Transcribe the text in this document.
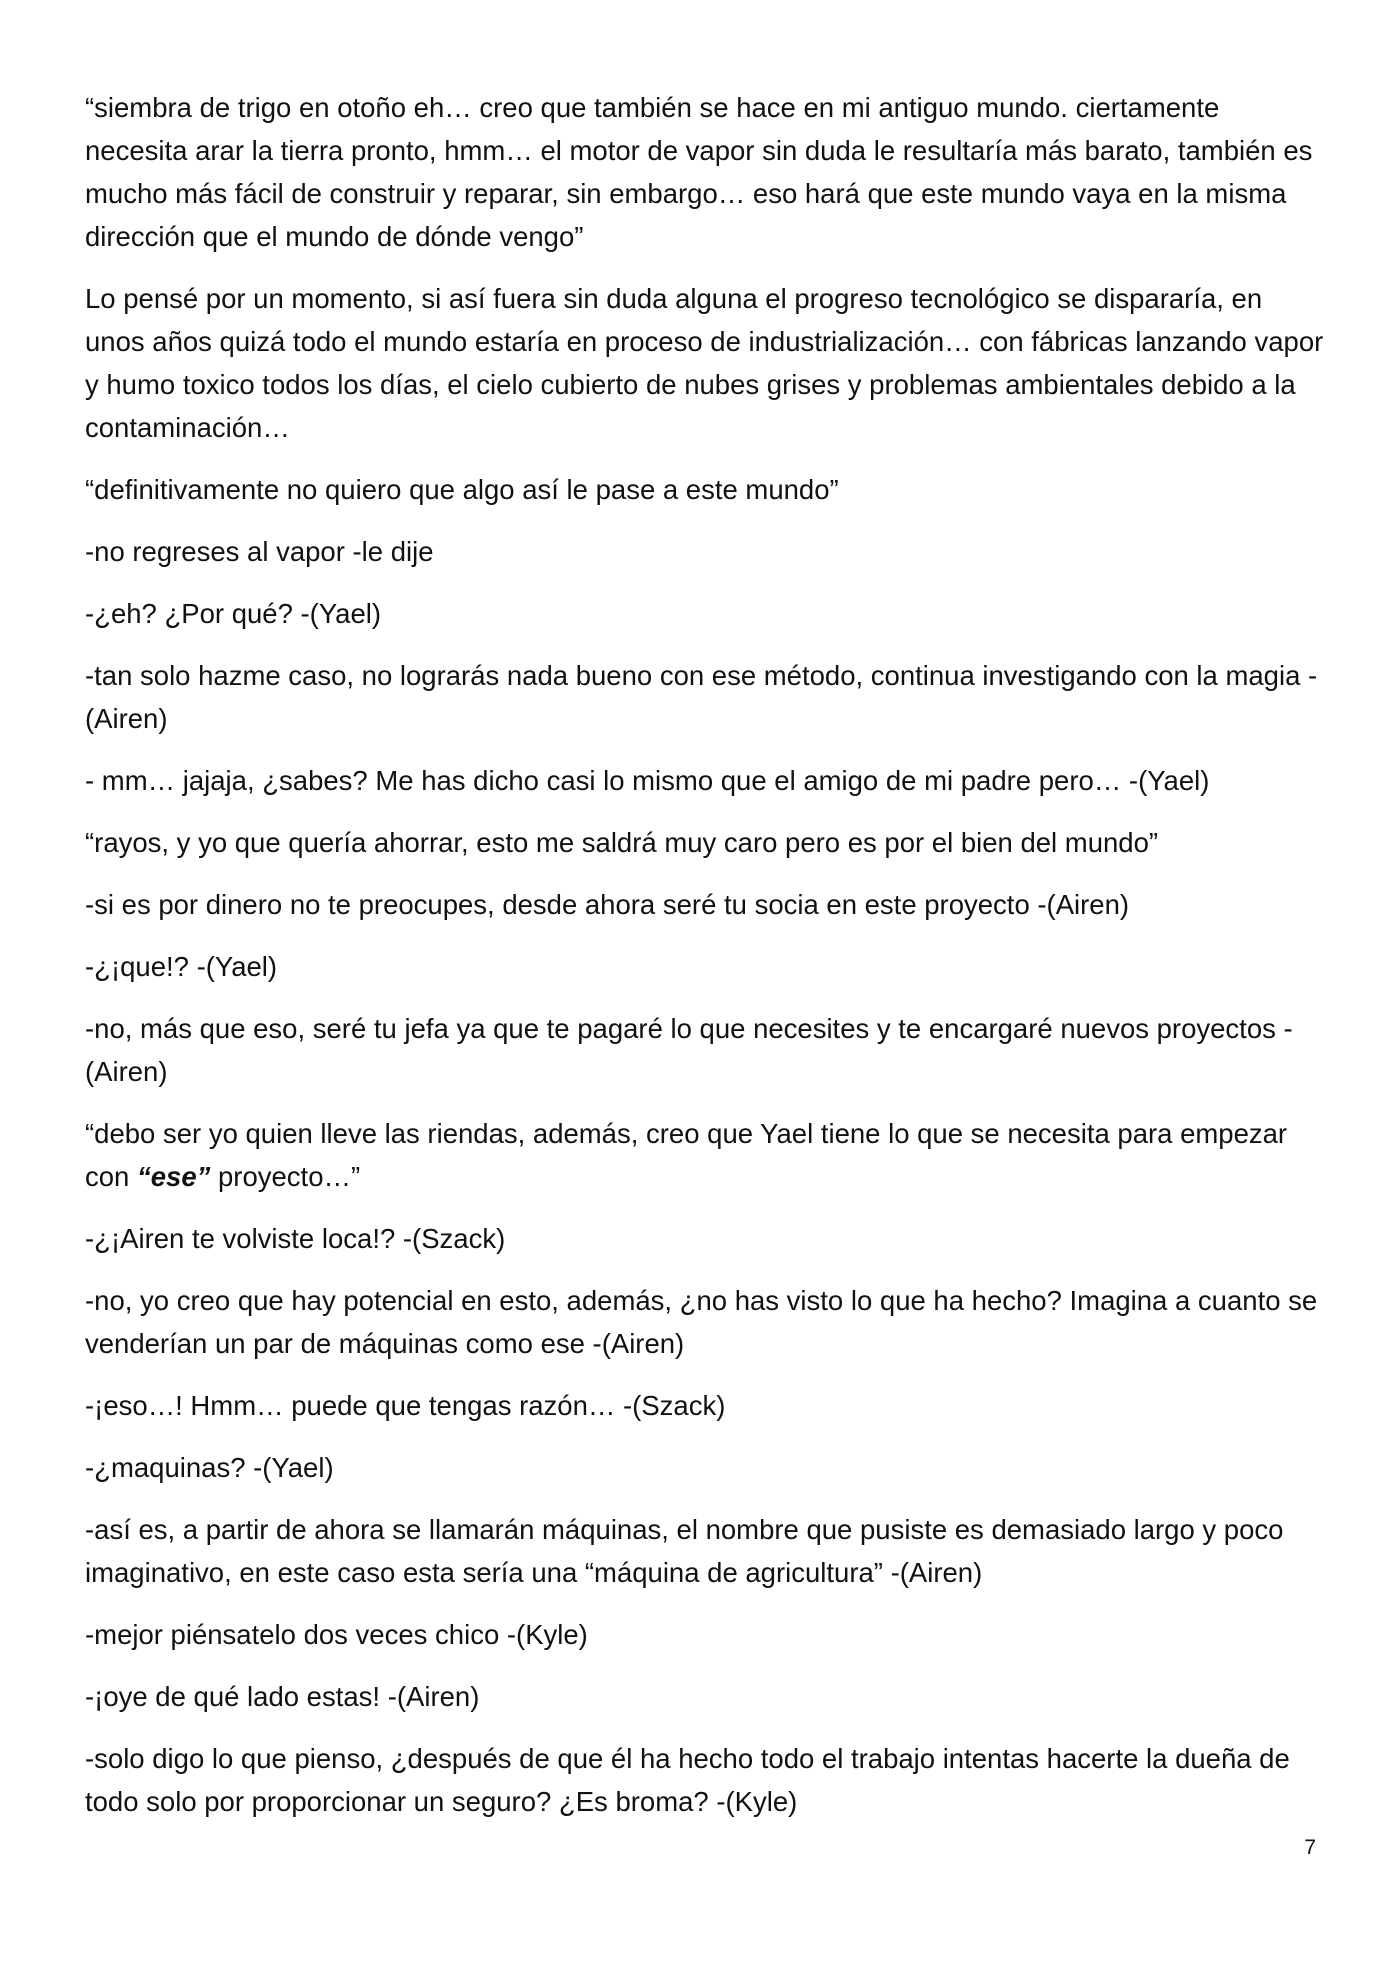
“siembra de trigo en otoño eh… creo que también se hace en mi antiguo mundo. ciertamente necesita arar la tierra pronto, hmm… el motor de vapor sin duda le resultaría más barato, también es mucho más fácil de construir y reparar, sin embargo… eso hará que este mundo vaya en la misma dirección que el mundo de dónde vengo”

Lo pensé por un momento, si así fuera sin duda alguna el progreso tecnológico se dispararía, en unos años quizá todo el mundo estaría en proceso de industrialización… con fábricas lanzando vapor y humo toxico todos los días, el cielo cubierto de nubes grises y problemas ambientales debido a la contaminación…

“definitivamente no quiero que algo así le pase a este mundo”

-no regreses al vapor -le dije

-¿eh? ¿Por qué? -(Yael)

-tan solo hazme caso, no lograrás nada bueno con ese método, continua investigando con la magia -(Airen)

- mm… jajaja, ¿sabes? Me has dicho casi lo mismo que el amigo de mi padre pero… -(Yael)

“rayos, y yo que quería ahorrar, esto me saldrá muy caro pero es por el bien del mundo”

-si es por dinero no te preocupes, desde ahora seré tu socia en este proyecto -(Airen)

-¿¡que!? -(Yael)

-no, más que eso, seré tu jefa ya que te pagaré lo que necesites y te encargaré nuevos proyectos -(Airen)

“debo ser yo quien lleve las riendas, además, creo que Yael tiene lo que se necesita para empezar con “ese” proyecto…”

-¿¡Airen te volviste loca!? -(Szack)

-no, yo creo que hay potencial en esto, además, ¿no has visto lo que ha hecho? Imagina a cuanto se venderían un par de máquinas como ese -(Airen)

-¡eso…! Hmm… puede que tengas razón… -(Szack)

-¿maquinas? -(Yael)

-así es, a partir de ahora se llamarán máquinas, el nombre que pusiste es demasiado largo y poco imaginativo, en este caso esta sería una “máquina de agricultura” -(Airen)

-mejor piénsatelo dos veces chico -(Kyle)

-¡oye de qué lado estas! -(Airen)

-solo digo lo que pienso, ¿después de que él ha hecho todo el trabajo intentas hacerte la dueña de todo solo por proporcionar un seguro? ¿Es broma? -(Kyle)

7
